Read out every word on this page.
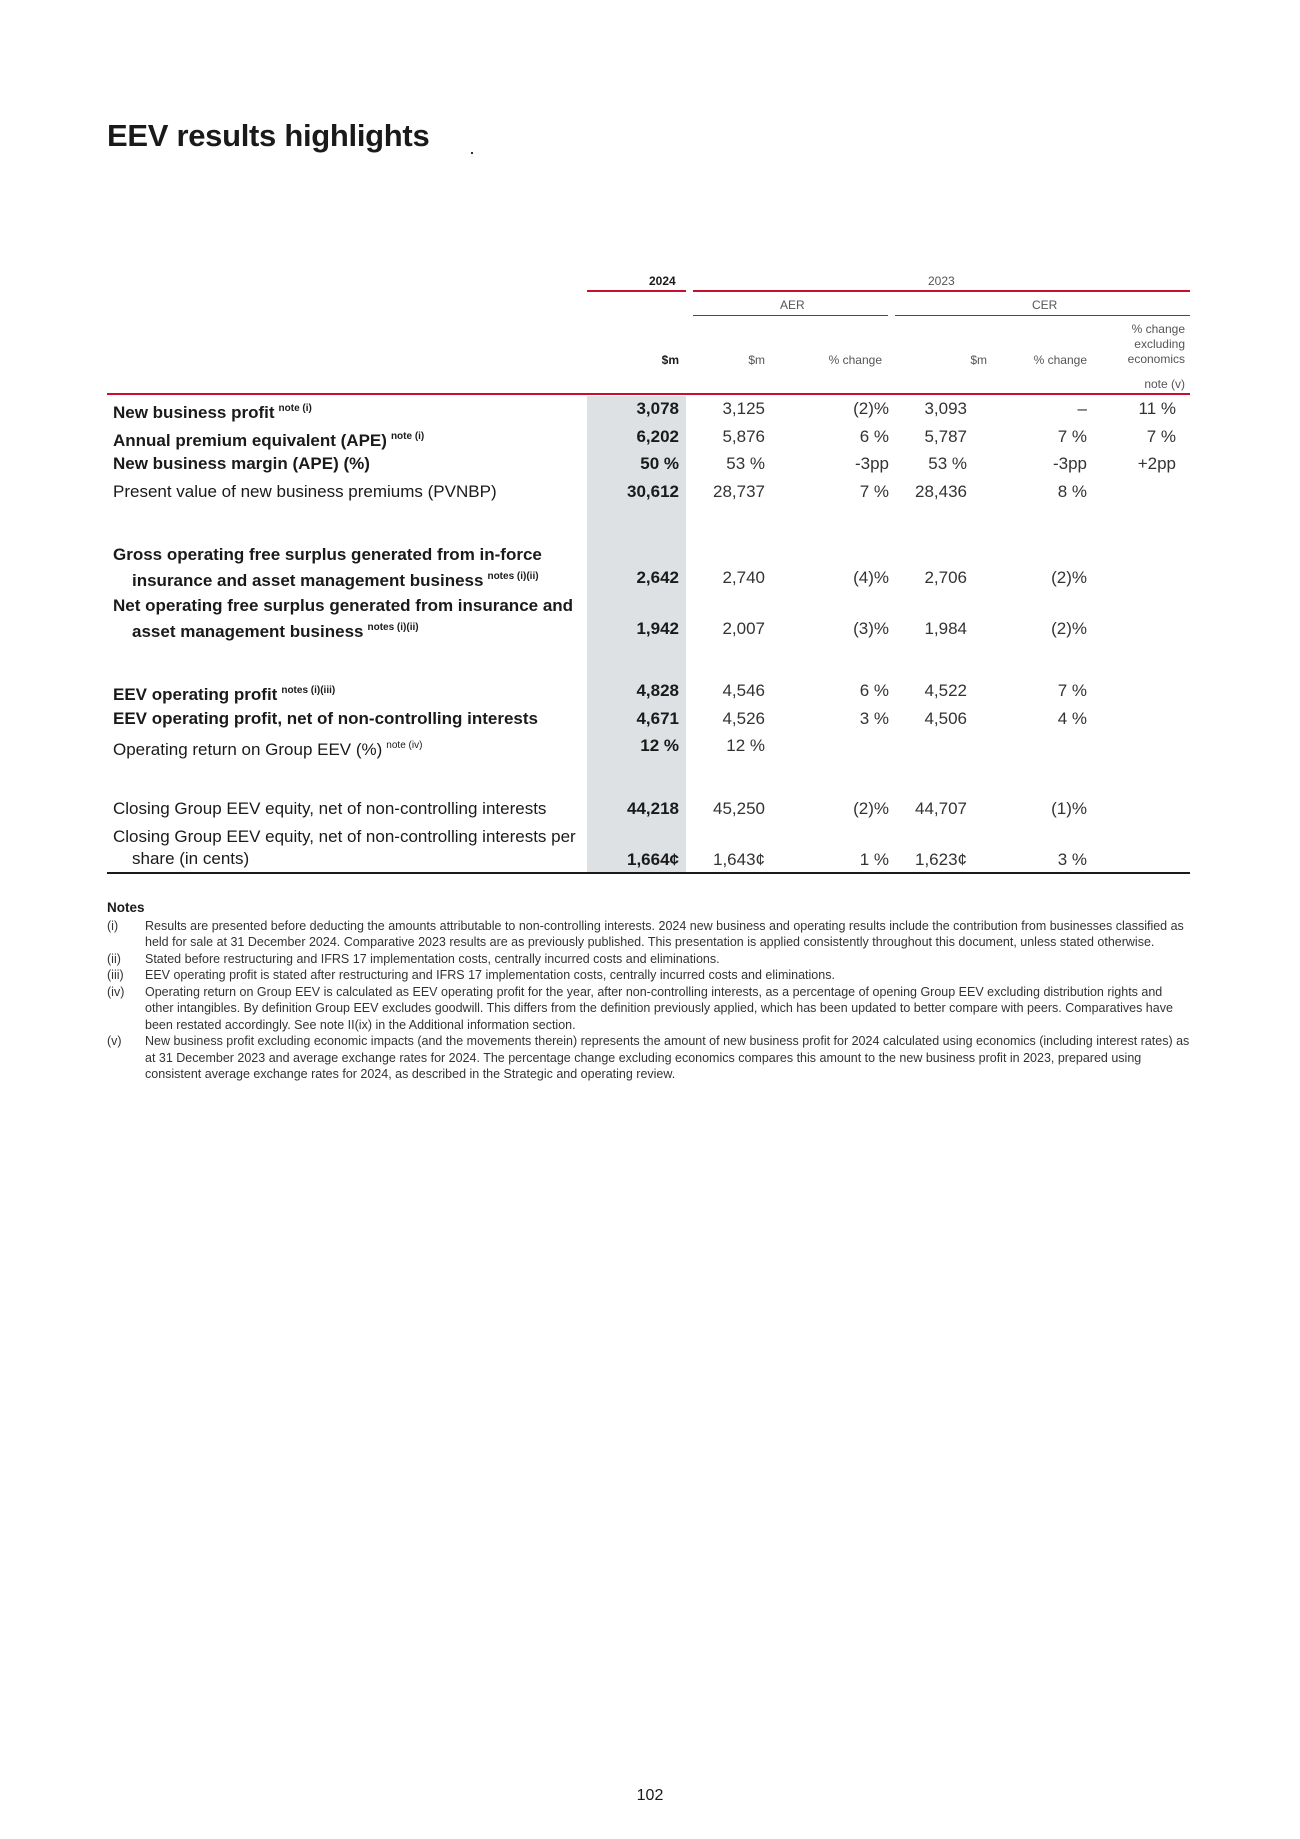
EEV results highlights
2024	2023
AER	CER
% change
excluding
economics
$m	$m	% change	$m	% change
note (v)
New business profit $^{note (i)}$	3,078	3,125	(2)%	3,093	–	11 %
Annual premium equivalent (APE) $^{note (i)}$	6,202	5,876	6 %	5,787	7 %	7 %
New business margin (APE) (%)	50 %	53 %	-3pp	53 %	-3pp	+2pp
Present value of new business premiums (PVNBP)	30,612	28,737	7 %	28,436	8 %
Gross operating free surplus generated from in-force
insurance and asset management business $^{notes (i)(ii)}$	2,642	2,740	(4)%	2,706	(2)%
Net operating free surplus generated from insurance and
asset management business $^{notes (i)(ii)}$	1,942	2,007	(3)%	1,984	(2)%
EEV operating profit $^{notes (i)(iii)}$	4,828	4,546	6 %	4,522	7 %
EEV operating profit, net of non-controlling interests	4,671	4,526	3 %	4,506	4 %
Operating return on Group EEV (%) $^{note (iv)}$	12 %	12 %
Closing Group EEV equity, net of non-controlling interests	44,218	45,250	(2)%	44,707	(1)%
Closing Group EEV equity, net of non-controlling interests per
share (in cents)	1,664¢	1,643¢	1 %	1,623¢	3 %
Notes
(i)	Results are presented before deducting the amounts attributable to non-controlling interests. 2024 new business and operating results include the contribution from businesses classified as held for sale at 31 December 2024. Comparative 2023 results are as previously published. This presentation is applied consistently throughout this document, unless stated otherwise.
(ii)	Stated before restructuring and IFRS 17 implementation costs, centrally incurred costs and eliminations.
(iii)	EEV operating profit is stated after restructuring and IFRS 17 implementation costs, centrally incurred costs and eliminations.
(iv)	Operating return on Group EEV is calculated as EEV operating profit for the year, after non-controlling interests, as a percentage of opening Group EEV excluding distribution rights and other intangibles. By definition Group EEV excludes goodwill. This differs from the definition previously applied, which has been updated to better compare with peers. Comparatives have been restated accordingly. See note II(ix) in the Additional information section.
(v)	New business profit excluding economic impacts (and the movements therein) represents the amount of new business profit for 2024 calculated using economics (including interest rates) as at 31 December 2023 and average exchange rates for 2024. The percentage change excluding economics compares this amount to the new business profit in 2023, prepared using consistent average exchange rates for 2024, as described in the Strategic and operating review.
102
